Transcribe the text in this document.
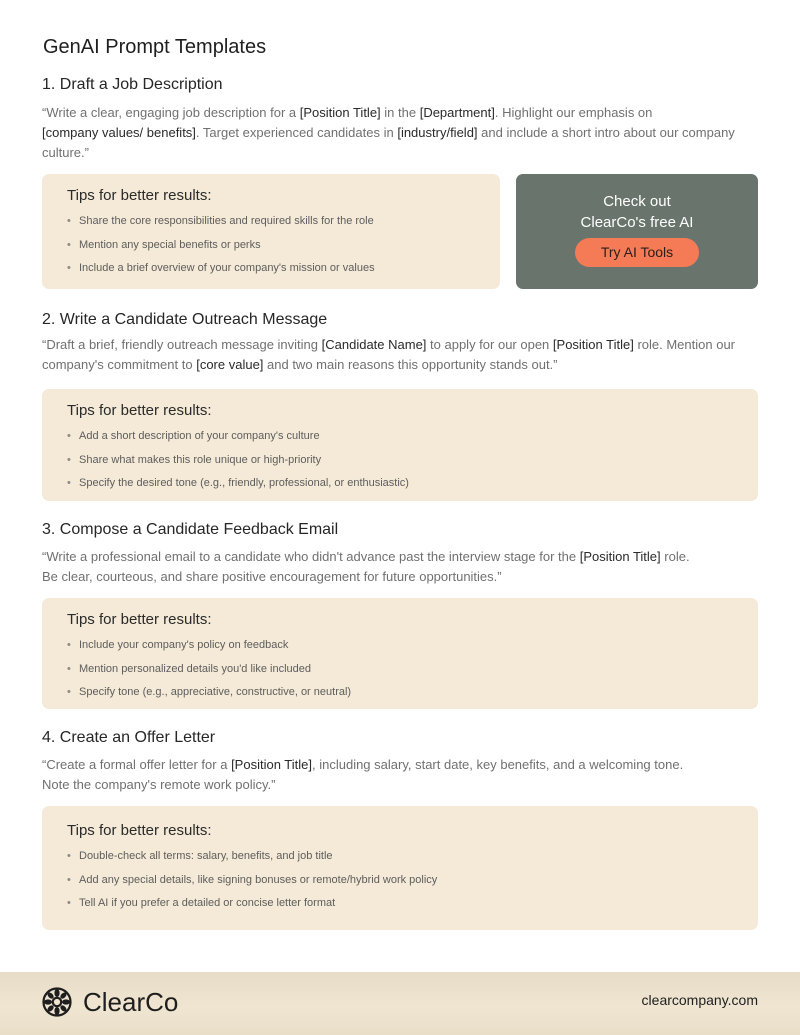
GenAI Prompt Templates
1. Draft a Job Description

“Write a clear, engaging job description for a [Position Title] in the [Department]. Highlight our emphasis on
[company values/ benefits]. Target experienced candidates in [industry/field] and include a short intro about our company culture.”

Tips for better results:
• Share the core responsibilities and required skills for the role
• Mention any special benefits or perks
• Include a brief overview of your company's mission or values
Check out
ClearCo's free AI
Try AI Tools
2. Write a Candidate Outreach Message

“Draft a brief, friendly outreach message inviting [Candidate Name] to apply for our open [Position Title] role. Mention our company's commitment to [core value] and two main reasons this opportunity stands out.”

Tips for better results:
• Add a short description of your company's culture
• Share what makes this role unique or high-priority
• Specify the desired tone (e.g., friendly, professional, or enthusiastic)
3. Compose a Candidate Feedback Email

“Write a professional email to a candidate who didn't advance past the interview stage for the [Position Title] role.
Be clear, courteous, and share positive encouragement for future opportunities.”

Tips for better results:
• Include your company's policy on feedback
• Mention personalized details you'd like included
• Specify tone (e.g., appreciative, constructive, or neutral)
4. Create an Offer Letter

“Create a formal offer letter for a [Position Title], including salary, start date, key benefits, and a welcoming tone.
Note the company's remote work policy.”

Tips for better results:
• Double-check all terms: salary, benefits, and job title
• Add any special details, like signing bonuses or remote/hybrid work policy
• Tell AI if you prefer a detailed or concise letter format
ClearCo	clearcompany.com
